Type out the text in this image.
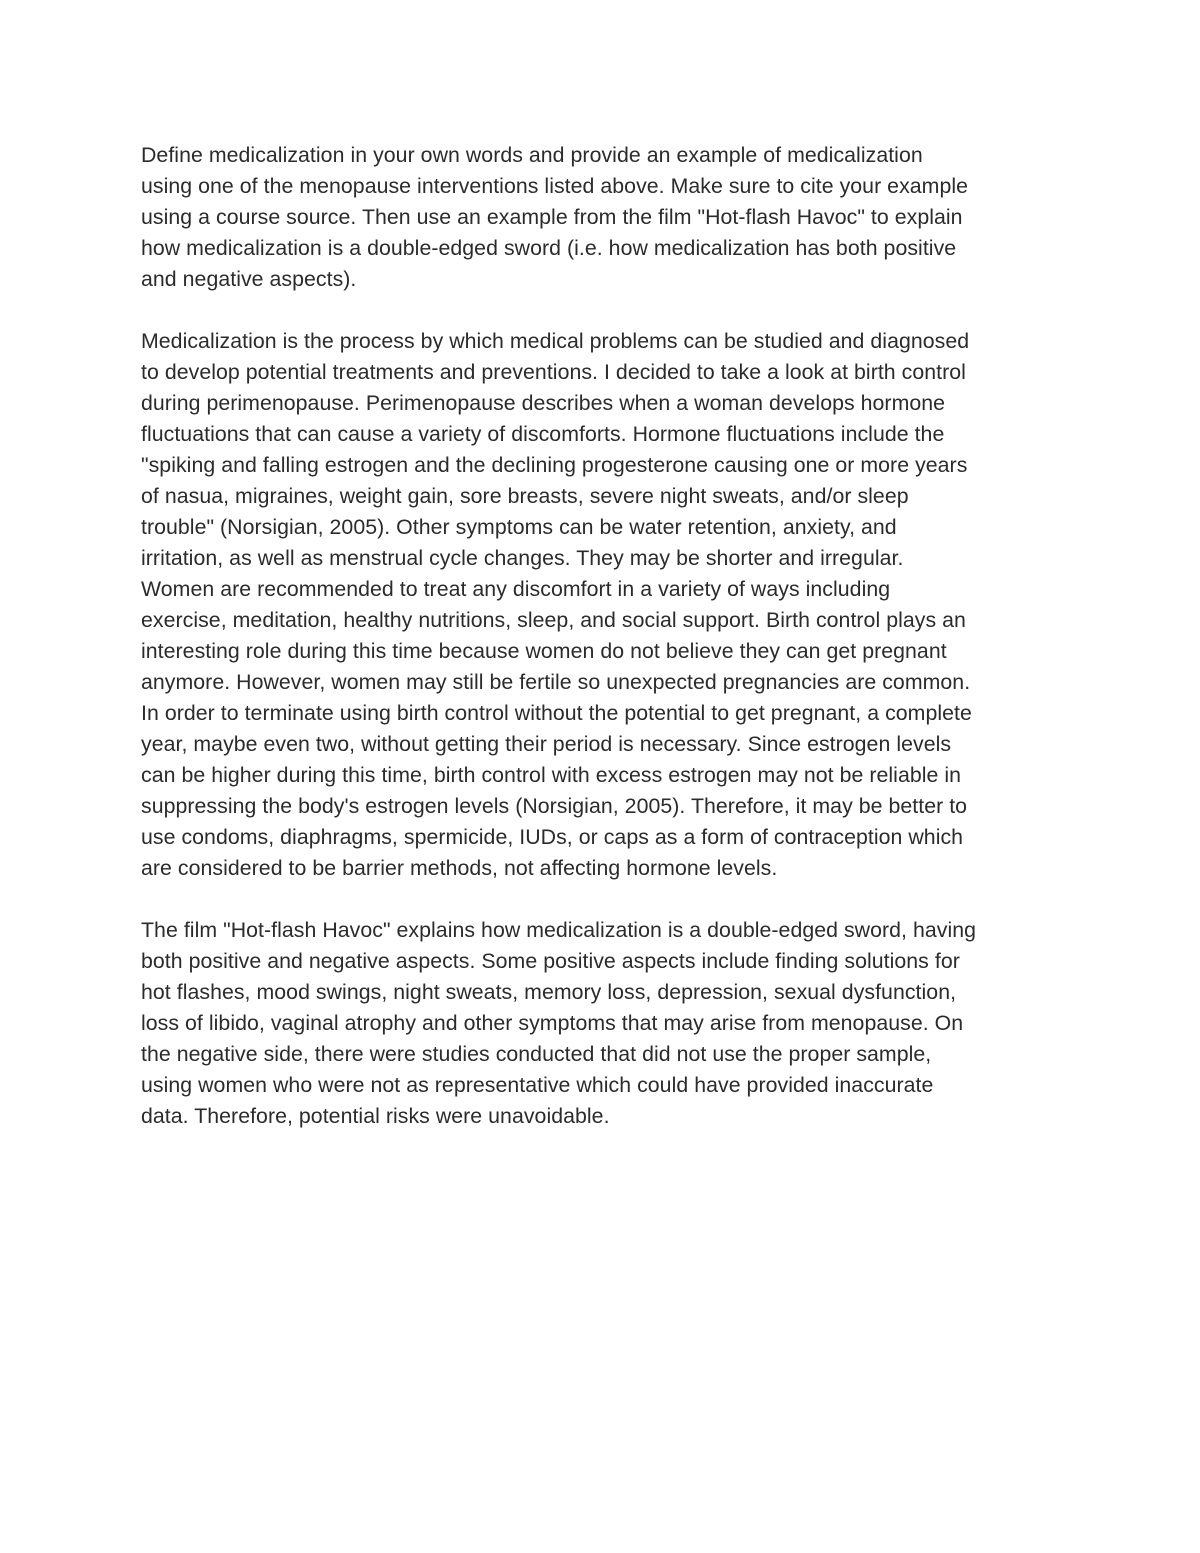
Define medicalization in your own words and provide an example of medicalization
using one of the menopause interventions listed above. Make sure to cite your example
using a course source. Then use an example from the film "Hot-flash Havoc" to explain
how medicalization is a double-edged sword (i.e. how medicalization has both positive
and negative aspects).
Medicalization is the process by which medical problems can be studied and diagnosed
to develop potential treatments and preventions. I decided to take a look at birth control
during perimenopause. Perimenopause describes when a woman develops hormone
fluctuations that can cause a variety of discomforts. Hormone fluctuations include the
"spiking and falling estrogen and the declining progesterone causing one or more years
of nasua, migraines, weight gain, sore breasts, severe night sweats, and/or sleep
trouble" (Norsigian, 2005). Other symptoms can be water retention, anxiety, and
irritation, as well as menstrual cycle changes. They may be shorter and irregular.
Women are recommended to treat any discomfort in a variety of ways including
exercise, meditation, healthy nutritions, sleep, and social support. Birth control plays an
interesting role during this time because women do not believe they can get pregnant
anymore. However, women may still be fertile so unexpected pregnancies are common.
In order to terminate using birth control without the potential to get pregnant, a complete
year, maybe even two, without getting their period is necessary. Since estrogen levels
can be higher during this time, birth control with excess estrogen may not be reliable in
suppressing the body's estrogen levels (Norsigian, 2005). Therefore, it may be better to
use condoms, diaphragms, spermicide, IUDs, or caps as a form of contraception which
are considered to be barrier methods, not affecting hormone levels.
The film "Hot-flash Havoc" explains how medicalization is a double-edged sword, having
both positive and negative aspects. Some positive aspects include finding solutions for
hot flashes, mood swings, night sweats, memory loss, depression, sexual dysfunction,
loss of libido, vaginal atrophy and other symptoms that may arise from menopause. On
the negative side, there were studies conducted that did not use the proper sample,
using women who were not as representative which could have provided inaccurate
data. Therefore, potential risks were unavoidable.
